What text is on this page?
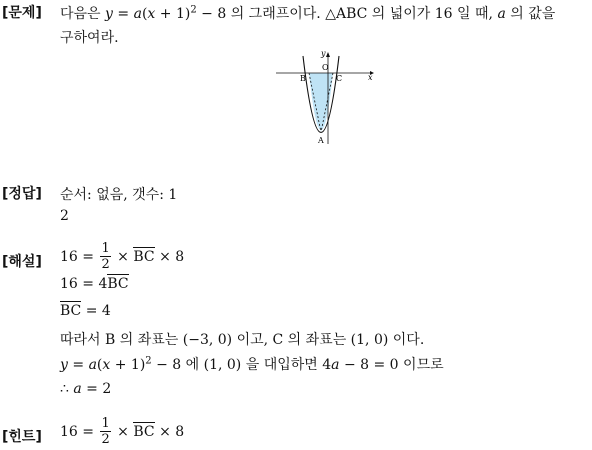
[문제] 다음은 $y = a(x + 1)^2 - 8$ 의 그래프이다. △ABC 의 넓이가 16 일 때, a 의 값을
구하여라.
y
x
O
B	C
A
[정답] 순서: 없음, 갯수: 1
2
[해설] $16 = \frac{1}{2}$ × BC × 8
16 = 4BC
BC = 4
따라서 B 의 좌표는 (−3, 0) 이고, C 의 좌표는 (1, 0) 이다.
$y = a(x + 1)^2 - 8$ 에 (1, 0) 을 대입하면 4a − 8 = 0 이므로
∴ a = 2
[힌트] $16 = \frac{1}{2}$ × BC × 8
